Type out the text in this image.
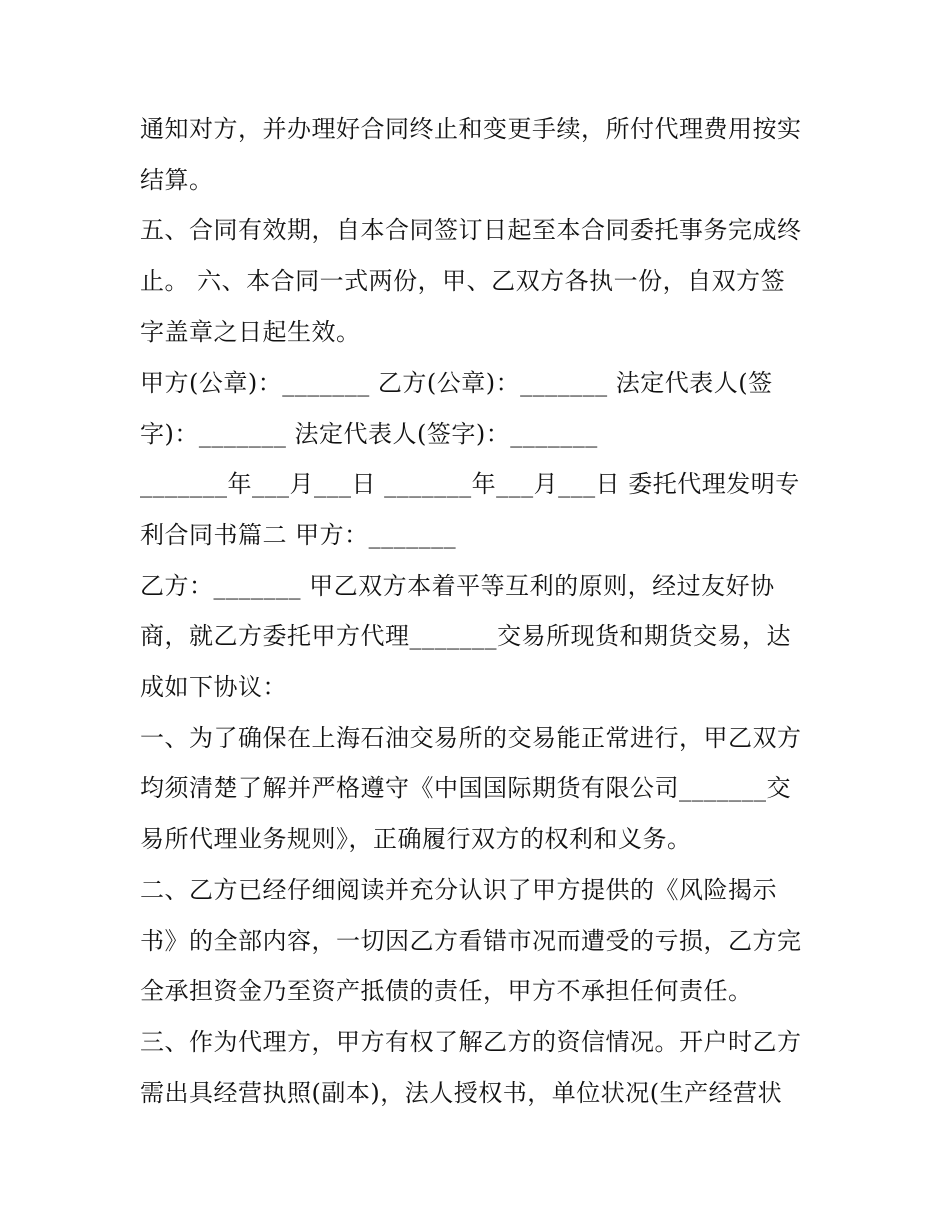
通知对方，并办理好合同终止和变更手续，所付代理费用按实
结算。
五、合同有效期，自本合同签订日起至本合同委托事务完成终
止。 六、本合同一式两份，甲、乙双方各执一份，自双方签
字盖章之日起生效。
甲方(公章)：_______ 乙方(公章)：_______ 法定代表人(签
字)：_______ 法定代表人(签字)：_______
_______年___月___日 _______年___月___日 委托代理发明专
利合同书篇二 甲方：_______
乙方：_______ 甲乙双方本着平等互利的原则，经过友好协
商，就乙方委托甲方代理_______交易所现货和期货交易，达
成如下协议：
一、为了确保在上海石油交易所的交易能正常进行，甲乙双方
均须清楚了解并严格遵守《中国国际期货有限公司_______交
易所代理业务规则》，正确履行双方的权利和义务。
二、乙方已经仔细阅读并充分认识了甲方提供的《风险揭示
书》的全部内容，一切因乙方看错市况而遭受的亏损，乙方完
全承担资金乃至资产抵债的责任，甲方不承担任何责任。
三、作为代理方，甲方有权了解乙方的资信情况。开户时乙方
需出具经营执照(副本)，法人授权书，单位状况(生产经营状
